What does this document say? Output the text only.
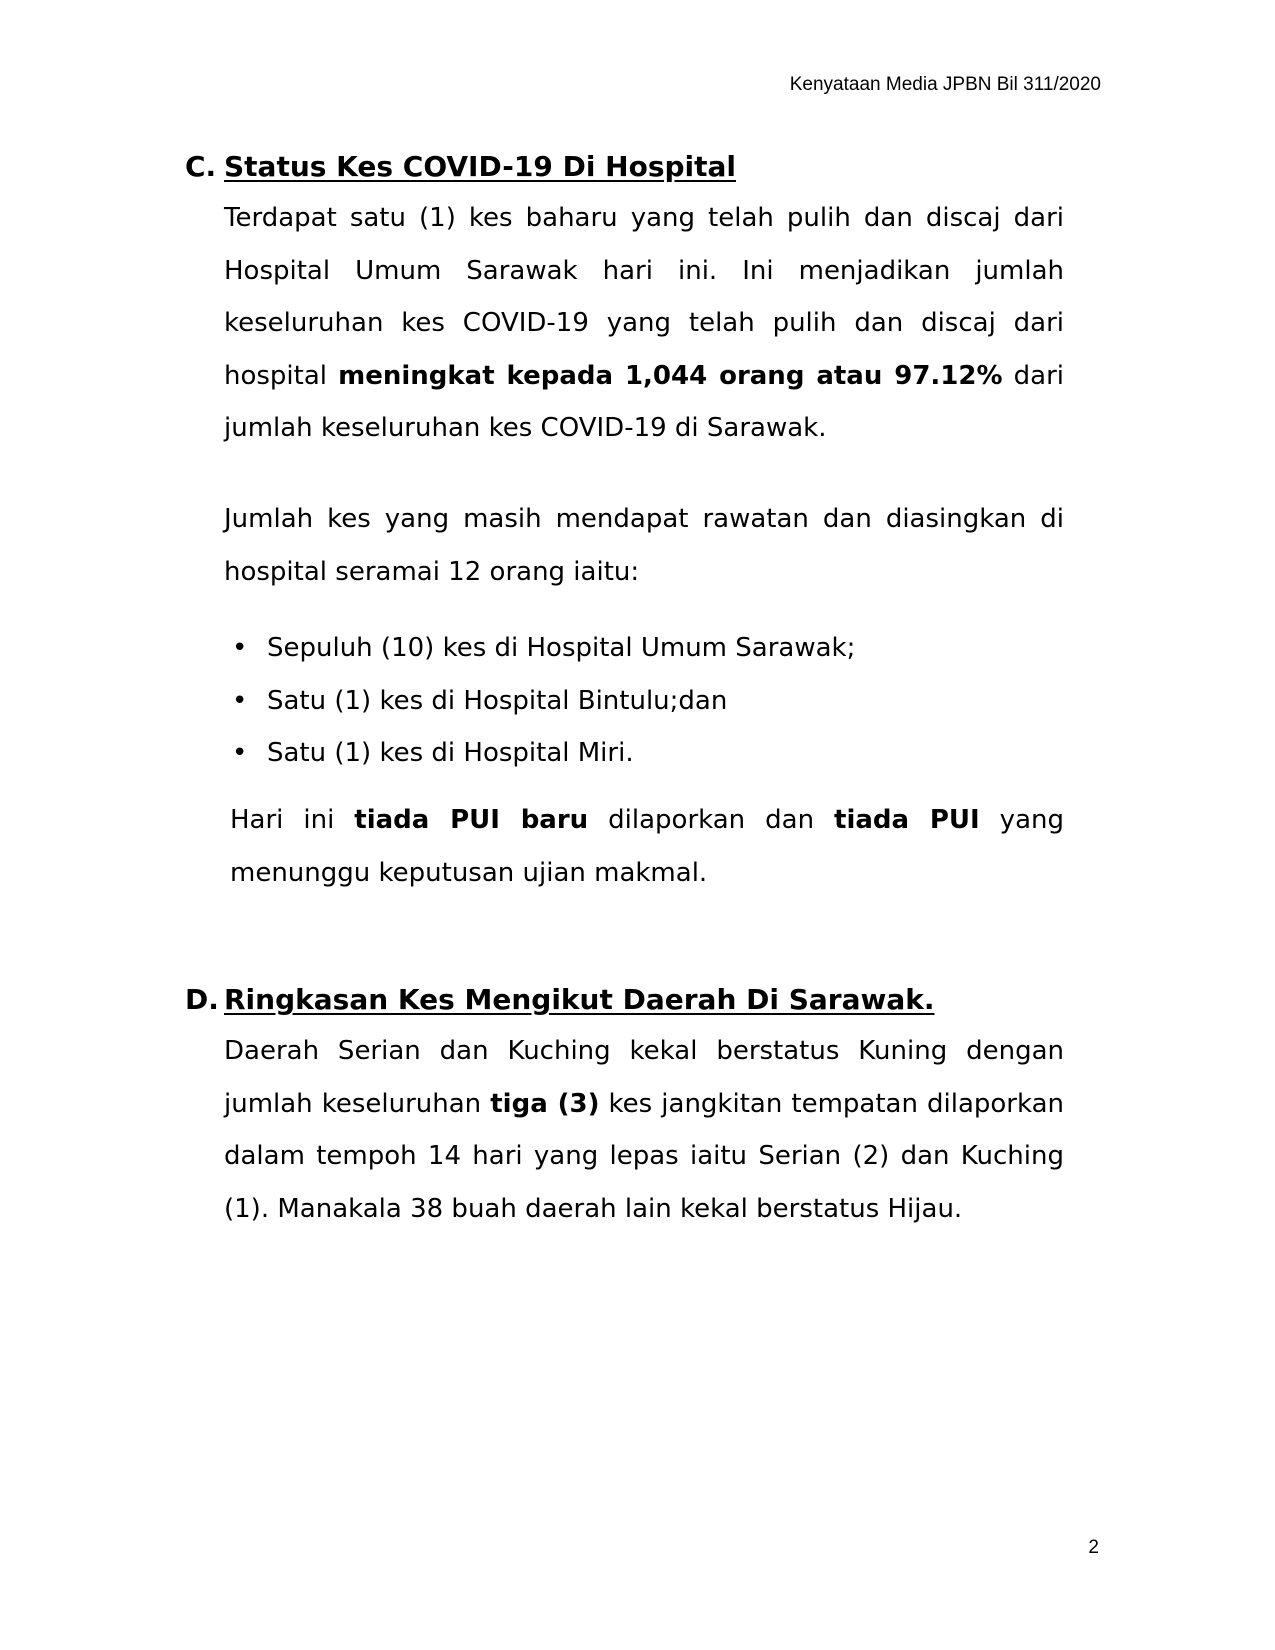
Kenyataan Media JPBN Bil 311/2020
C. Status Kes COVID-19 Di Hospital

Terdapat satu (1) kes baharu yang telah pulih dan discaj dari Hospital Umum Sarawak hari ini. Ini menjadikan jumlah keseluruhan kes COVID-19 yang telah pulih dan discaj dari hospital meningkat kepada 1,044 orang atau 97.12% dari jumlah keseluruhan kes COVID-19 di Sarawak.

Jumlah kes yang masih mendapat rawatan dan diasingkan di hospital seramai 12 orang iaitu:

• Sepuluh (10) kes di Hospital Umum Sarawak;
• Satu (1) kes di Hospital Bintulu;dan
• Satu (1) kes di Hospital Miri.

Hari ini tiada PUI baru dilaporkan dan tiada PUI yang menunggu keputusan ujian makmal.

D. Ringkasan Kes Mengikut Daerah Di Sarawak.

Daerah Serian dan Kuching kekal berstatus Kuning dengan jumlah keseluruhan tiga (3) kes jangkitan tempatan dilaporkan dalam tempoh 14 hari yang lepas iaitu Serian (2) dan Kuching (1). Manakala 38 buah daerah lain kekal berstatus Hijau.

2
